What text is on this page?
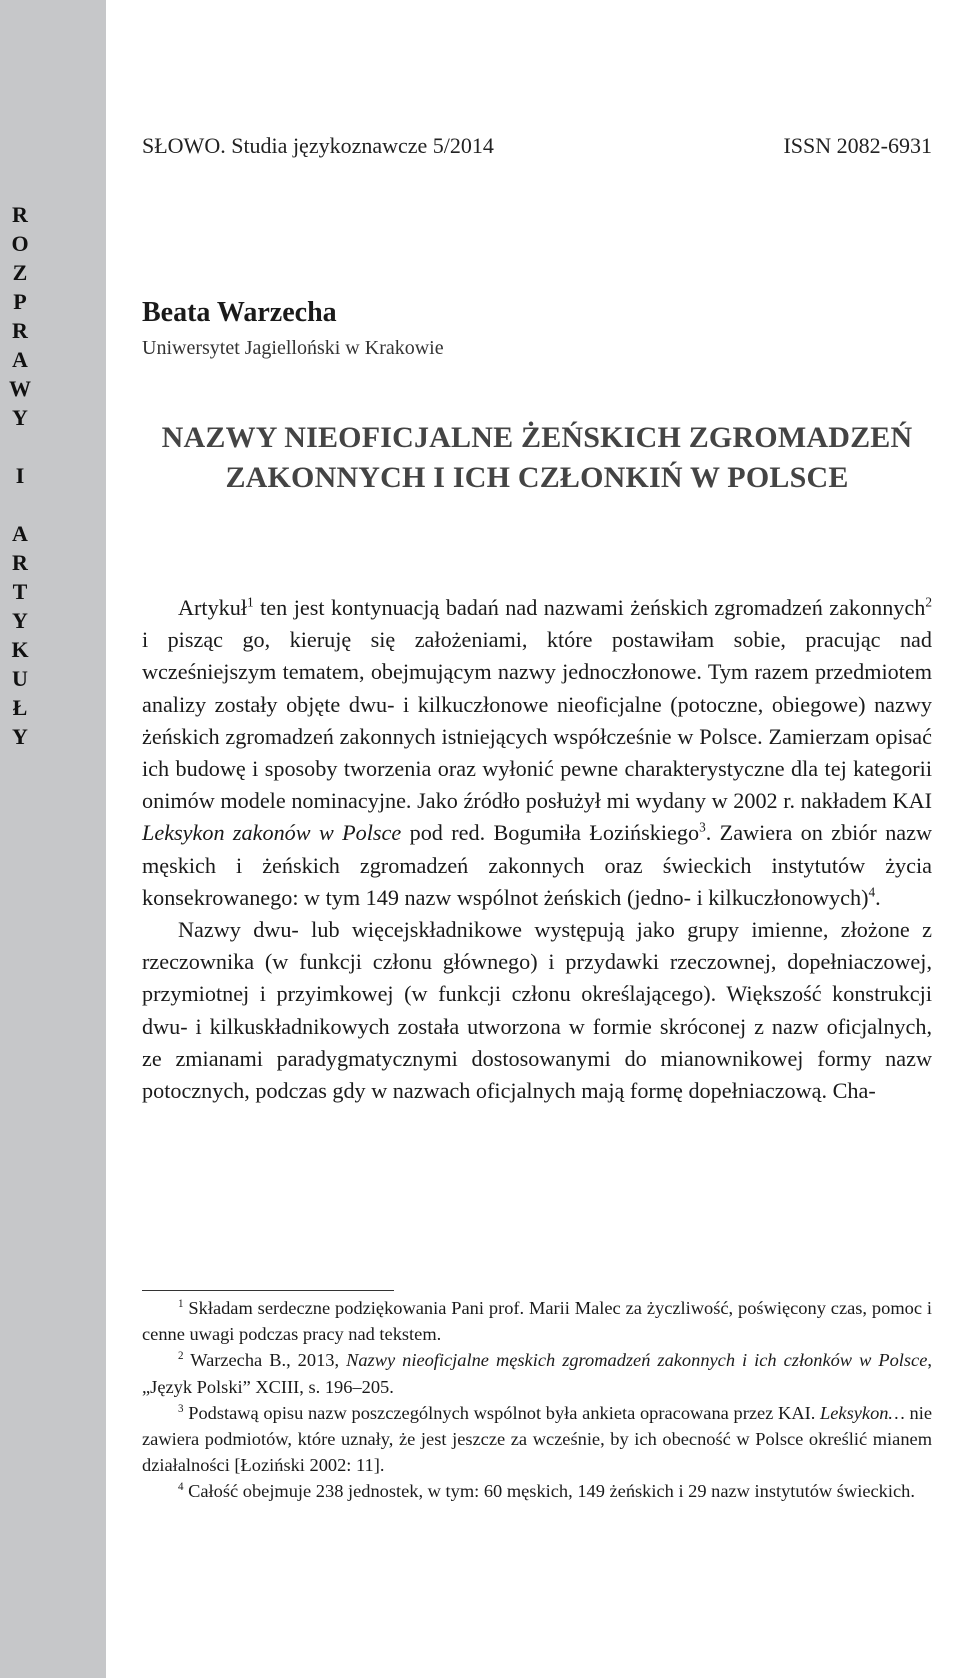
R
O
Z
P
R
A
W
Y
I
A
R
T
Y
K
U
Ł
Y
SŁOWO. Studia językoznawcze 5/2014	ISSN 2082-6931
Beata Warzecha
Uniwersytet Jagielloński w Krakowie
NAZWY NIEOFICJALNE ŻEŃSKICH ZGROMADZEŃ
ZAKONNYCH I ICH CZŁONKIŃ W POLSCE

Artykuł$^1$ ten jest kontynuacją badań nad nazwami żeńskich zgromadzeń zakonnych$^2$ i pisząc go, kieruję się założeniami, które postawiłam sobie, pracując nad wcześniejszym tematem, obejmującym nazwy jednoczłonowe. Tym razem przedmiotem analizy zostały objęte dwu- i kilkuczłonowe nieoficjalne (potoczne, obiegowe) nazwy żeńskich zgromadzeń zakonnych istniejących współcześnie w Polsce. Zamierzam opisać ich budowę i sposoby tworzenia oraz wyłonić pewne charakterystyczne dla tej kategorii onimów modele nominacyjne. Jako źródło posłużył mi wydany w 2002 r. nakładem KAI Leksykon zakonów w Polsce pod red. Bogumiła Łozińskiego$^3$. Zawiera on zbiór nazw męskich i żeńskich zgromadzeń zakonnych oraz świeckich instytutów życia konsekrowanego: w tym 149 nazw wspólnot żeńskich (jedno- i kilkuczłonowych)$^4$.

Nazwy dwu- lub więcejskładnikowe występują jako grupy imienne, złożone z rzeczownika (w funkcji członu głównego) i przydawki rzeczownej, dopełniaczowej, przymiotnej i przyimkowej (w funkcji członu określającego). Większość konstrukcji dwu- i kilkuskładnikowych została utworzona w formie skróconej z nazw oficjalnych, ze zmianami paradygmatycznymi dostosowanymi do mianownikowej formy nazw potocznych, podczas gdy w nazwach oficjalnych mają formę dopełniaczową. Cha-

$^1$ Składam serdeczne podziękowania Pani prof. Marii Malec za życzliwość, poświęcony czas, pomoc i cenne uwagi podczas pracy nad tekstem.

$^2$ Warzecha B., 2013, Nazwy nieoficjalne męskich zgromadzeń zakonnych i ich członków w Polsce, „Język Polski” XCIII, s. 196–205.

$^3$ Podstawą opisu nazw poszczególnych wspólnot była ankieta opracowana przez KAI. Leksykon… nie zawiera podmiotów, które uznały, że jest jeszcze za wcześnie, by ich obecność w Polsce określić mianem działalności [Łoziński 2002: 11].

$^4$ Całość obejmuje 238 jednostek, w tym: 60 męskich, 149 żeńskich i 29 nazw instytutów świeckich.
